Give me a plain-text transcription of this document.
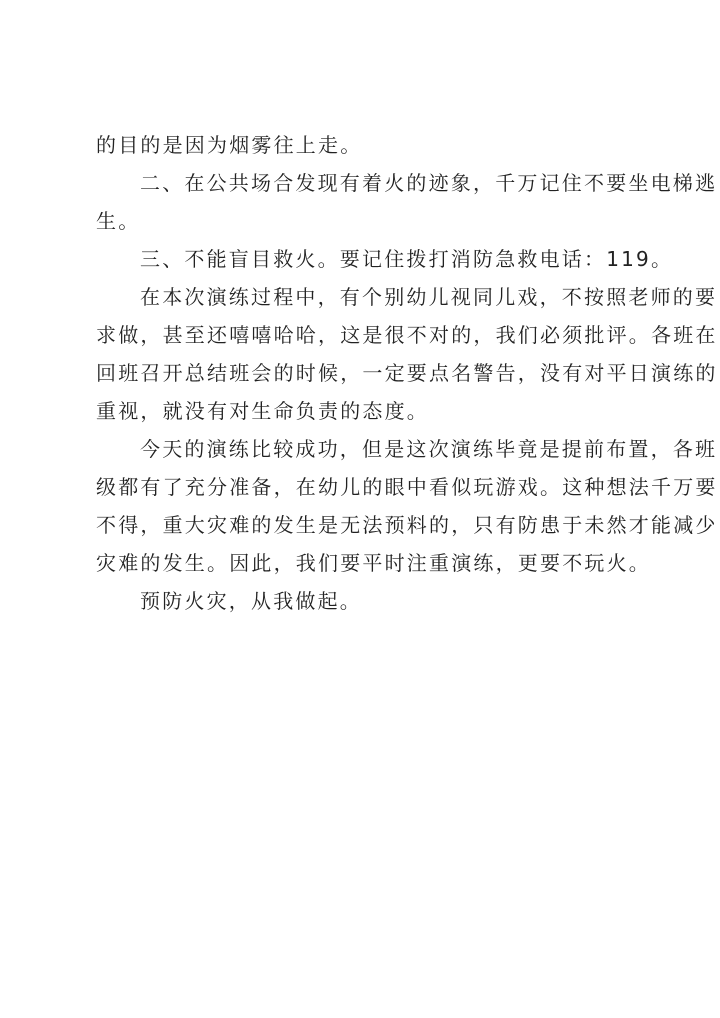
的目的是因为烟雾往上走。
二、在公共场合发现有着火的迹象，千万记住不要坐电梯逃
生。
三、不能盲目救火。要记住拨打消防急救电话：119。
在本次演练过程中，有个别幼儿视同儿戏，不按照老师的要
求做，甚至还嘻嘻哈哈，这是很不对的，我们必须批评。各班在
回班召开总结班会的时候，一定要点名警告，没有对平日演练的
重视，就没有对生命负责的态度。
今天的演练比较成功，但是这次演练毕竟是提前布置，各班
级都有了充分准备，在幼儿的眼中看似玩游戏。这种想法千万要
不得，重大灾难的发生是无法预料的，只有防患于未然才能减少
灾难的发生。因此，我们要平时注重演练，更要不玩火。
预防火灾，从我做起。
